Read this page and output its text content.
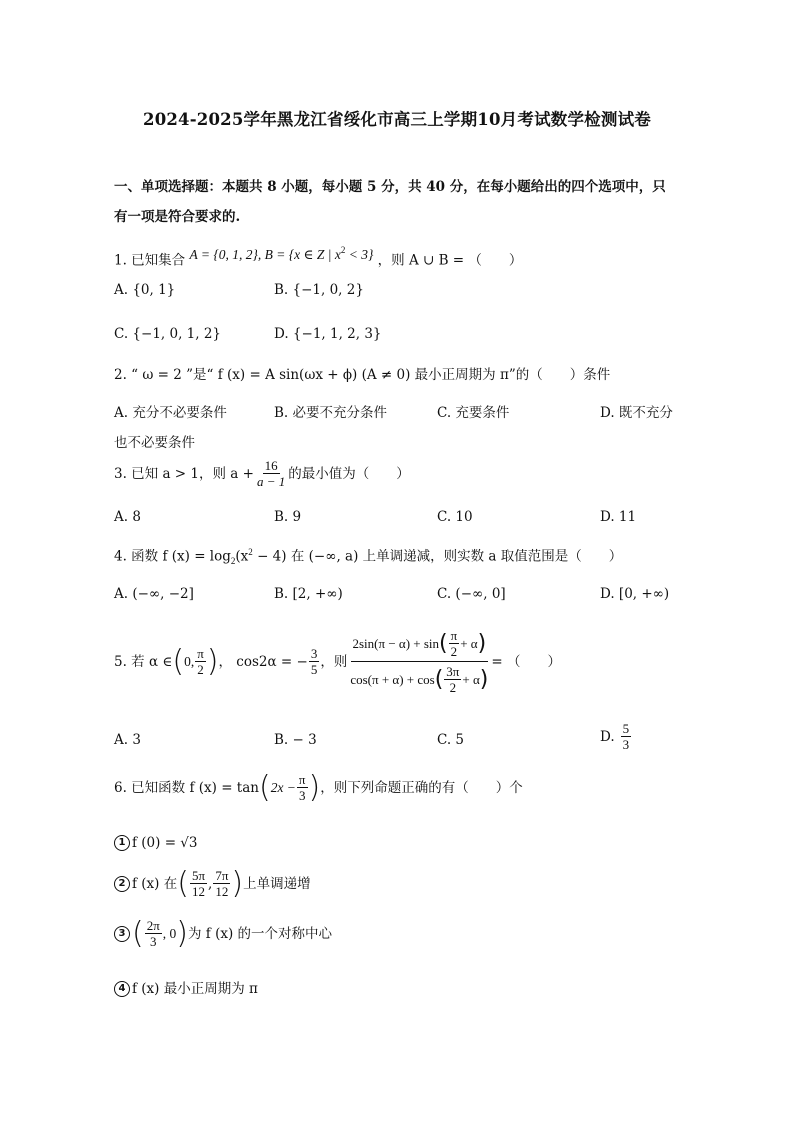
2024-2025学年黑龙江省绥化市高三上学期10月考试数学检测试卷
一、单项选择题：本题共 8 小题，每小题 5 分，共 40 分，在每小题给出的四个选项中，只
有一项是符合要求的.
1. 已知集合 A = {0, 1, 2}, B = {x ∈ Z | $x^2 < 3$} ，则 A ∪ B = （　　）
A. {0, 1}	B. {−1, 0, 2}
C. {−1, 0, 1, 2}	D. {−1, 1, 2, 3}
2. “ ω = 2 ”是“ f (x) = A sin(ωx + ϕ) (A ≠ 0) 最小正周期为 π”的（　　）条件
A. 充分不必要条件	B. 必要不充分条件	C. 充要条件	D. 既不充分
也不必要条件
3. 已知 a > 1，则 $a + \frac{16}{a - 1}$ 的最小值为（　　）
A. 8	B. 9	C. 10	D. 11
4. 函数 f $(x) = \log_2(x^2 - 4)$ 在 (−∞, a) 上单调递减，则实数 a 取值范围是（　　）
A. (−∞, −2]	B. [2, +∞)	C. (−∞, 0]	D. [0, +∞)
5. 若 α ∈ ( 0, $\frac{\pi}{2}$ ) ， cos2α = − $\frac{3}{5}$ ，则
2sin(π − α) + sin ( $\frac{\pi}{2} + \alpha$ )
cos(π + α) + cos ( $\frac{3\pi}{2} + \alpha$ )
= （　　）
A. 3	B. − 3	C. 5	D. $\frac{5}{3}$
6. 已知函数 f (x) = tan ( $2x - \frac{\pi}{3}$ ) ，则下列命题正确的有（　　）个
1 f (0) = √3
2 f (x) 在 ( $\frac{5\pi}{12}$ , $\frac{7\pi}{12}$ ) 上单调递增
3 ( $\frac{2\pi}{3}$ , 0 ) 为 f (x) 的一个对称中心
4 f (x) 最小正周期为 π
